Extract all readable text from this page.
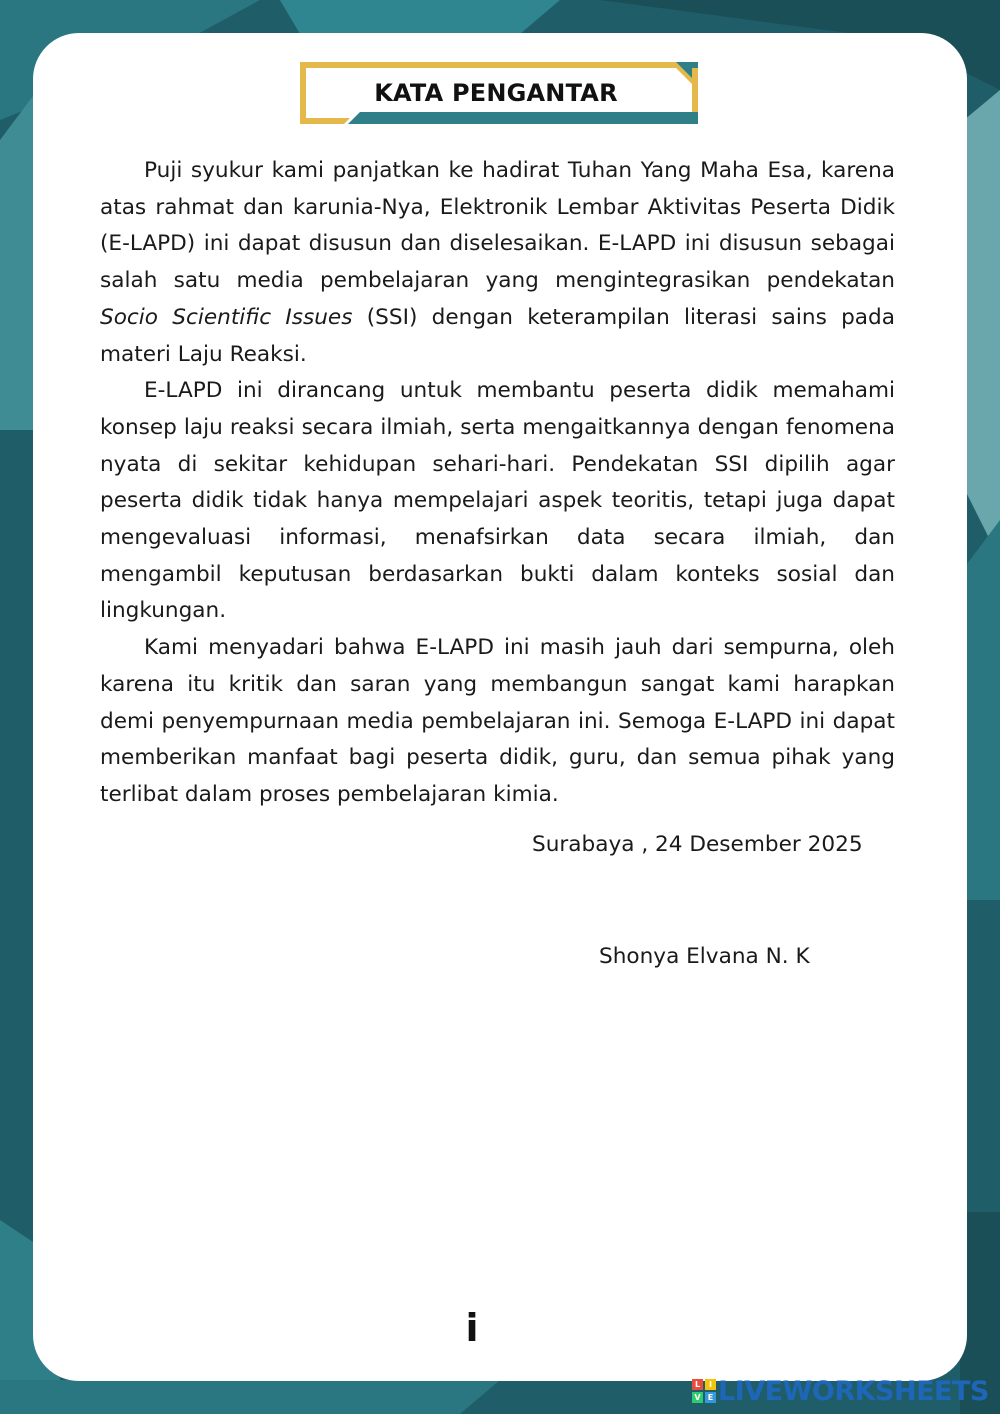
KATA PENGANTAR

Puji syukur kami panjatkan ke hadirat Tuhan Yang Maha Esa, karena atas rahmat dan karunia-Nya, Elektronik Lembar Aktivitas Peserta Didik (E-LAPD) ini dapat disusun dan diselesaikan. E-LAPD ini disusun sebagai salah satu media pembelajaran yang mengintegrasikan pendekatan Socio Scientific Issues (SSI) dengan keterampilan literasi sains pada materi Laju Reaksi.

E-LAPD ini dirancang untuk membantu peserta didik memahami konsep laju reaksi secara ilmiah, serta mengaitkannya dengan fenomena nyata di sekitar kehidupan sehari-hari. Pendekatan SSI dipilih agar peserta didik tidak hanya mempelajari aspek teoritis, tetapi juga dapat mengevaluasi informasi, menafsirkan data secara ilmiah, dan mengambil keputusan berdasarkan bukti dalam konteks sosial dan lingkungan.

Kami menyadari bahwa E-LAPD ini masih jauh dari sempurna, oleh karena itu kritik dan saran yang membangun sangat kami harapkan demi penyempurnaan media pembelajaran ini. Semoga E-LAPD ini dapat memberikan manfaat bagi peserta didik, guru, dan semua pihak yang terlibat dalam proses pembelajaran kimia.

Surabaya , 24 Desember 2025
Shonya Elvana N. K
i
L	I
V E LIVEWORKSHEETS
